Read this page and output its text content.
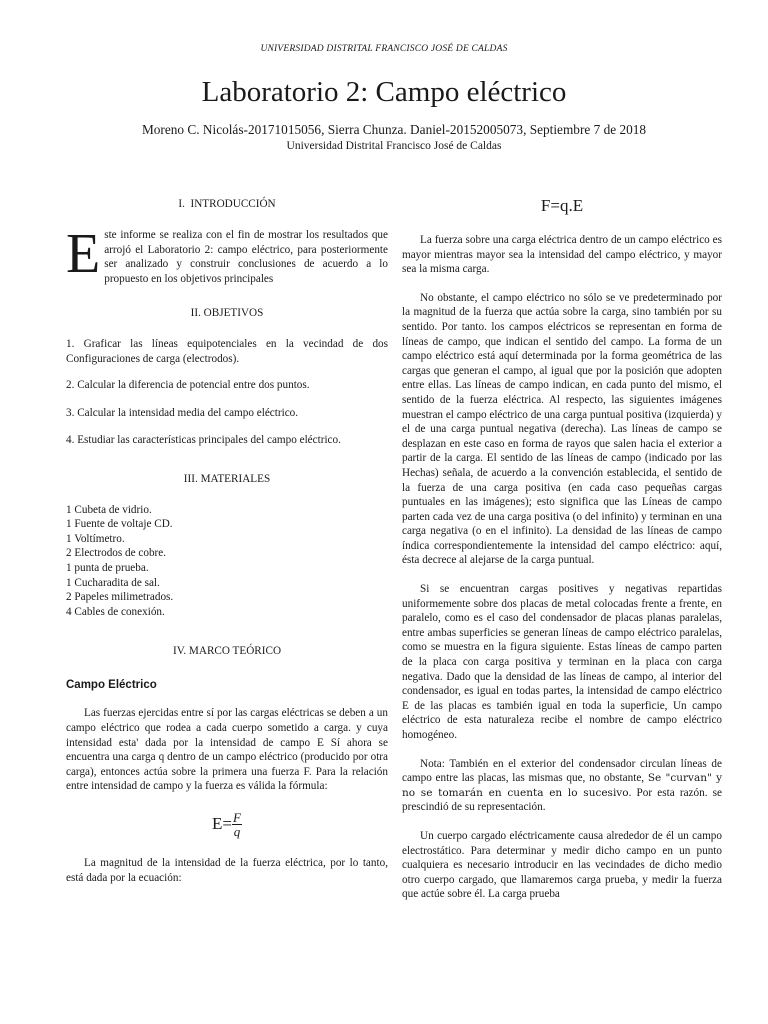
UNIVERSIDAD DISTRITAL FRANCISCO JOSÉ DE CALDAS
Laboratorio 2: Campo eléctrico
Moreno C. Nicolás-20171015056, Sierra Chunza. Daniel-20152005073, Septiembre 7 de 2018
Universidad Distrital Francisco José de Caldas
I. INTRODUCCIÓN
E ste informe se realiza con el fin de mostrar los resultados que arrojó el Laboratorio 2: campo eléctrico, para posteriormente ser analizado y construir conclusiones de acuerdo a lo propuesto en los objetivos principales

II. OBJETIVOS

1. Graficar las líneas equipotenciales en la vecindad de dos Configuraciones de carga (electrodos).

2. Calcular la diferencia de potencial entre dos puntos.

3. Calcular la intensidad media del campo eléctrico.

4. Estudiar las características principales del campo eléctrico.

III. MATERIALES

1 Cubeta de vidrio.

1 Fuente de voltaje CD.

1 Voltímetro.

2 Electrodos de cobre.

1 punta de prueba.

1 Cucharadita de sal.

2 Papeles milimetrados.

4 Cables de conexión.

IV. MARCO TEÓRICO
Campo Eléctrico

Las fuerzas ejercidas entre sí por las cargas eléctricas se deben a un campo eléctrico que rodea a cada cuerpo sometido a carga. y cuya intensidad esta' dada por la intensidad de campo E Sí ahora se encuentra una carga q dentro de un campo eléctrico (producido por otra carga), entonces actúa sobre la primera una fuerza F. Para la relación entre intensidad de campo y la fuerza es válida la fórmula:

$E= \frac{F}{q}$

La magnitud de la intensidad de la fuerza eléctrica, por lo tanto, está dada por la ecuación:

F=q.E

La fuerza sobre una carga eléctrica dentro de un campo eléctrico es mayor mientras mayor sea la intensidad del campo eléctrico, y mayor sea la misma carga.

No obstante, el campo eléctrico no sólo se ve predeterminado por la magnitud de la fuerza que actúa sobre la carga, sino también por su sentido. Por tanto. los campos eléctricos se representan en forma de líneas de campo, que indican el sentido del campo. La forma de un campo eléctrico está aquí determinada por la forma geométrica de las cargas que generan el campo, al igual que por la posición que adopten entre ellas. Las líneas de campo indican, en cada punto del mismo, el sentido de la fuerza eléctrica. Al respecto, las siguientes imágenes muestran el campo eléctrico de una carga puntual positiva (izquierda) y el de una carga puntual negativa (derecha). Las líneas de campo se desplazan en este caso en forma de rayos que salen hacia el exterior a partir de la carga. El sentido de las líneas de campo (indicado por las Hechas) señala, de acuerdo a la convención establecida, el sentido de la fuerza de una carga positiva (en cada caso pequeñas cargas puntuales en las imágenes); esto significa que las Líneas de campo parten cada vez de una carga positiva (o del infinito) y terminan en una carga negativa (o en el infinito). La densidad de las líneas de campo índica correspondientemente la intensidad del campo eléctrico: aquí, ésta decrece al alejarse de la carga puntual.

Si se encuentran cargas positives y negativas repartidas uniformemente sobre dos placas de metal colocadas frente a frente, en paralelo, como es el caso del condensador de placas planas paralelas, entre ambas superficies se generan líneas de campo eléctrico paralelas, como se muestra en la figura siguiente. Estas líneas de campo parten de la placa con carga positiva y terminan en la placa con carga negativa. Dado que la densidad de las líneas de campo, al interior del condensador, es igual en todas partes, la intensidad de campo eléctrico E de las placas es también igual en toda la superficie, Un campo eléctrico de esta naturaleza recibe el nombre de campo eléctrico homogéneo.

Nota: También en el exterior del condensador circulan líneas de campo entre las placas, las mismas que, no obstante, Se "curvan" y no se tomarán en cuenta en lo sucesivo. Por esta razón. se prescindió de su representación.

Un cuerpo cargado eléctricamente causa alrededor de él un campo electrostático. Para determinar y medir dicho campo en un punto cualquiera es necesario introducir en las vecindades de dicho medio otro cuerpo cargado, que llamaremos carga prueba, y medir la fuerza que actúe sobre él. La carga prueba
